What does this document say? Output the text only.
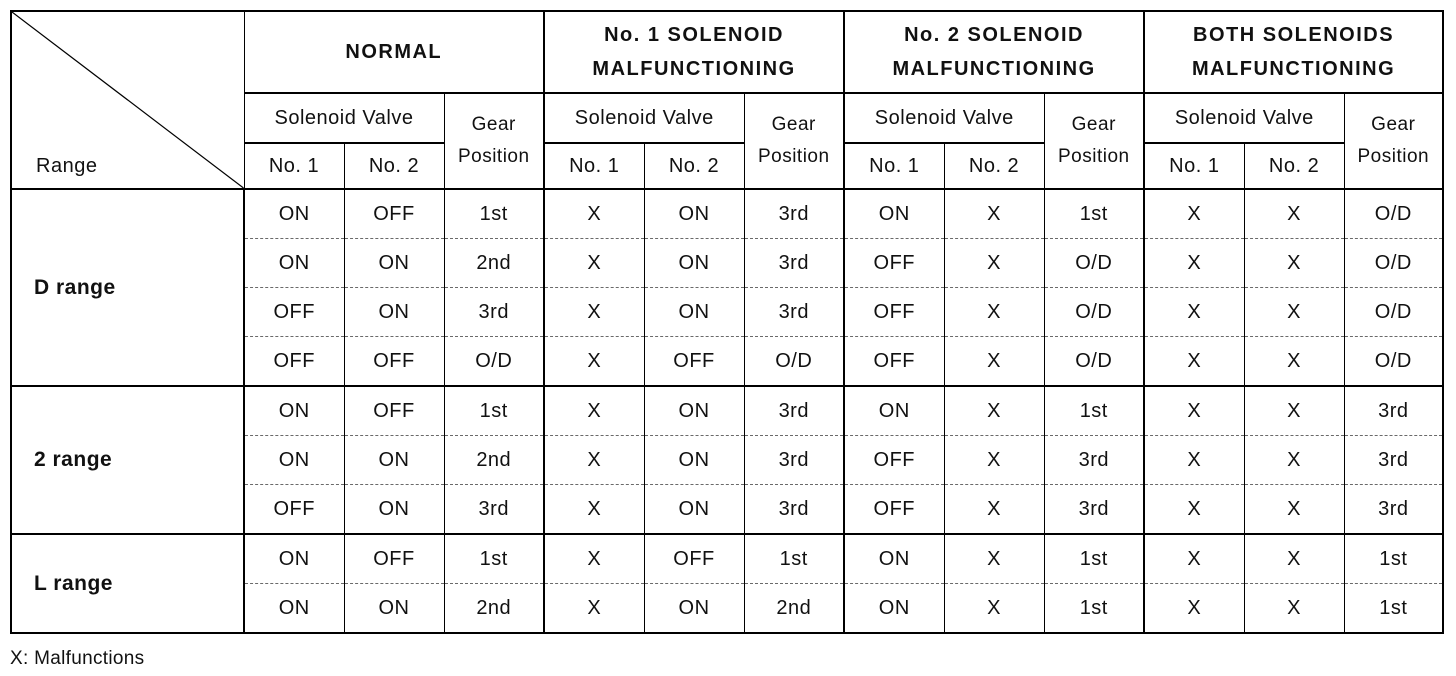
Range	NORMAL			No. 1 SOLENOID MALFUNCTIONING			No. 2 SOLENOID MALFUNCTIONING			BOTH SOLENOIDS MALFUNCTIONING		
	Solenoid Valve		Gear Position	Solenoid Valve		Gear Position	Solenoid Valve		Gear Position	Solenoid Valve		Gear Position
	No. 1	No. 2		No. 1	No. 2		No. 1	No. 2		No. 1	No. 2	
D range	ON	OFF	1st	X	ON	3rd	ON	X	1st	X	X	O/D
	ON	ON	2nd	X	ON	3rd	OFF	X	O/D	X	X	O/D
	OFF	ON	3rd	X	ON	3rd	OFF	X	O/D	X	X	O/D
	OFF	OFF	O/D	X	OFF	O/D	OFF	X	O/D	X	X	O/D
2 range	ON	OFF	1st	X	ON	3rd	ON	X	1st	X	X	3rd
	ON	ON	2nd	X	ON	3rd	OFF	X	3rd	X	X	3rd
	OFF	ON	3rd	X	ON	3rd	OFF	X	3rd	X	X	3rd
L range	ON	OFF	1st	X	OFF	1st	ON	X	1st	X	X	1st
	ON	ON	2nd	X	ON	2nd	ON	X	1st	X	X	1st
X: Malfunctions
